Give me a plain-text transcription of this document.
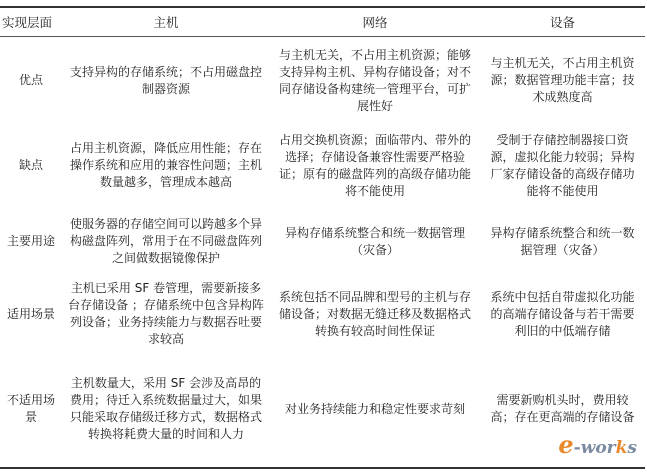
实现层面	主机	网络	设备
优点	支持异构的存储系统；不占用磁盘控制器资源	与主机无关，不占用主机资源；能够支持异构主机、异构存储设备；对不同存储设备构建统一管理平台，可扩展性好	与主机无关，不占用主机资源；数据管理功能丰富；技术成熟度高
缺点	占用主机资源，降低应用性能；存在操作系统和应用的兼容性问题；主机数量越多，管理成本越高	占用交换机资源；面临带内、带外的选择；存储设备兼容性需要严格验证；原有的磁盘阵列的高级存储功能将不能使用	受制于存储控制器接口资源，虚拟化能力较弱；异构厂家存储设备的高级存储功能将不能使用
主要用途	使服务器的存储空间可以跨越多个异构磁盘阵列，常用于在不同磁盘阵列之间做数据镜像保护	异构存储系统整合和统一数据管理（灾备）	异构存储系统整合和统一数据管理（灾备）
适用场景	主机已采用 SF 卷管理，需要新接多台存储设备 ；存储系统中包含异构阵列设备；业务持续能力与数据吞吐要求较高	系统包括不同品牌和型号的主机与存储设备；对数据无缝迁移及数据格式转换有较高时间性保证	系统中包括自带虚拟化功能的高端存储设备与若干需要利旧的中低端存储
不适用场景	主机数量大，采用 SF 会涉及高昂的费用；待迁入系统数据量过大，如果只能采取存储级迁移方式，数据格式转换将耗费大量的时间和人力	对业务持续能力和稳定性要求苛刻	需要新购机头时，费用较高；存在更高端的存储设备
e-works
